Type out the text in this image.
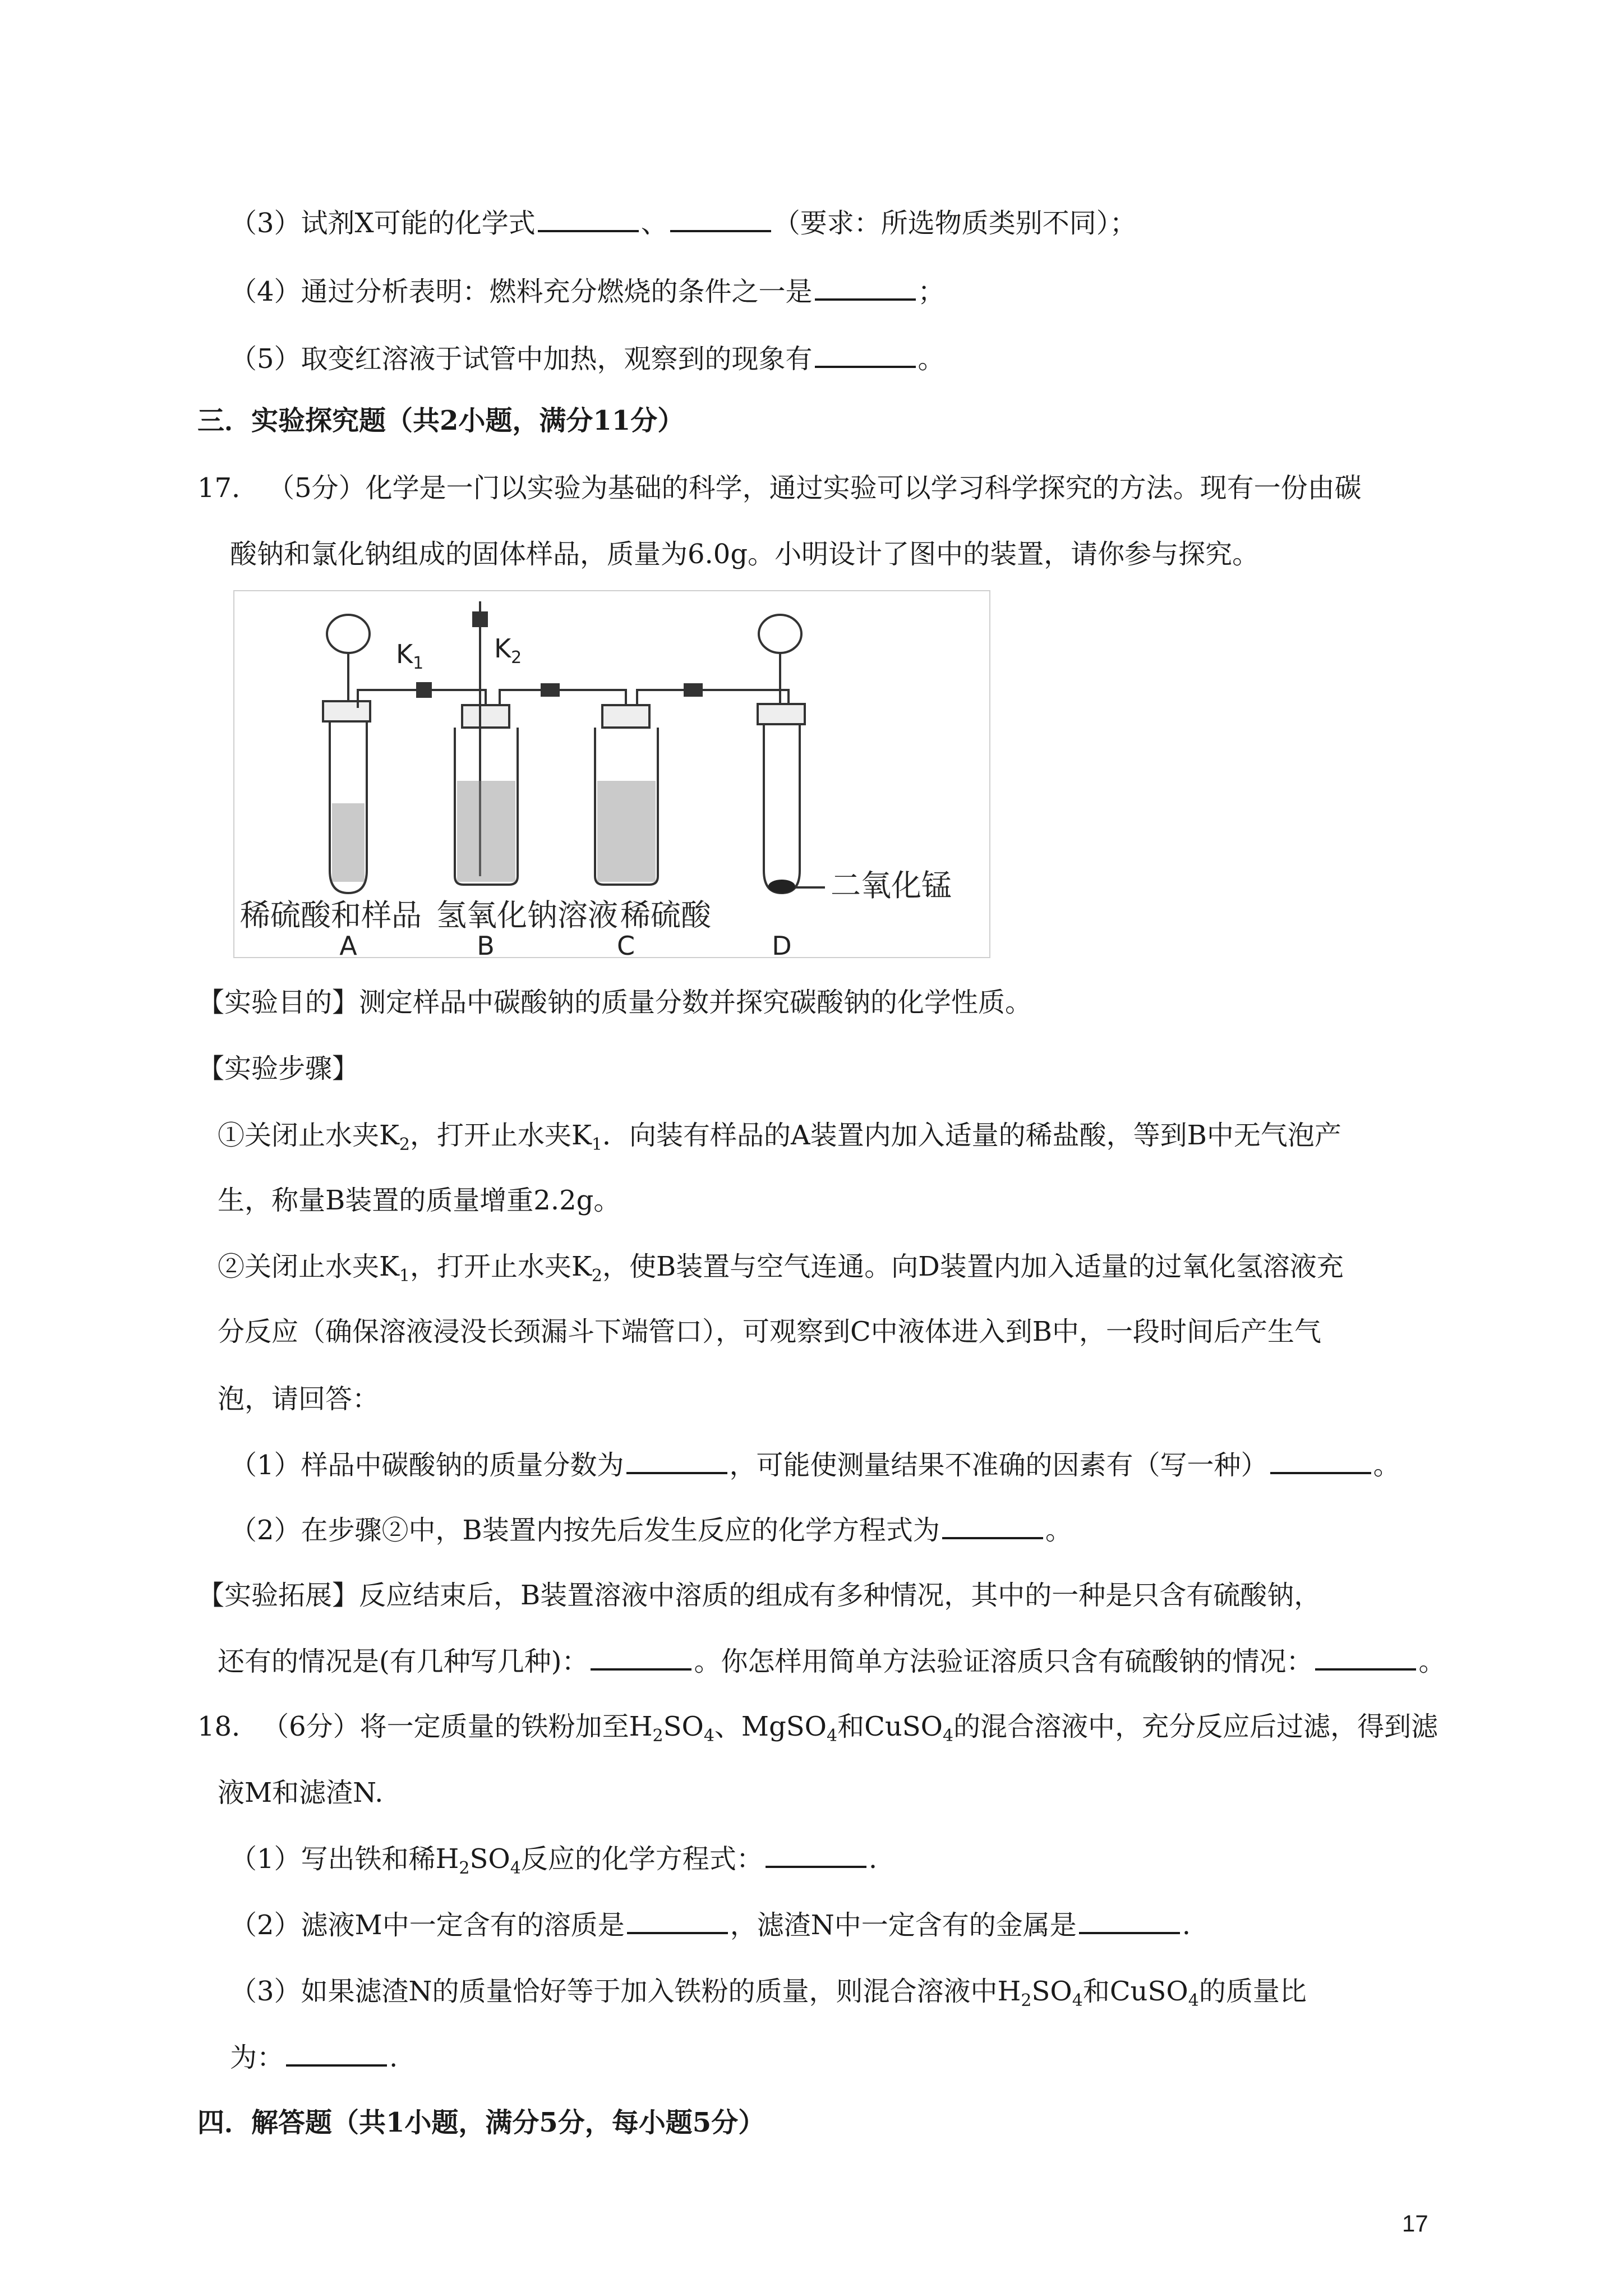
（3）试剂X可能的化学式	、	（要求：所选物质类别不同）；
（4）通过分析表明：燃料充分燃烧的条件之一是	；
（5）取变红溶液于试管中加热，观察到的现象有	。
三．实验探究题（共2小题，满分11分）
17． （5分）化学是一门以实验为基础的科学，通过实验可以学习科学探究的方法。现有一份由碳
酸钠和氯化钠组成的固体样品，质量为6.0g。小明设计了图中的装置，请你参与探究。
$K_1$	$K_2$
二氧化锰
稀硫酸和样品 氢氧化钠溶液 稀硫酸
A	B	C	D
【实验目的】测定样品中碳酸钠的质量分数并探究碳酸钠的化学性质。
【实验步骤】
①关闭止水夹$K_2$，打开止水夹$K_1$．向装有样品的A装置内加入适量的稀盐酸，等到B中无气泡产
生，称量B装置的质量增重2.2g。
②关闭止水夹$K_1$，打开止水夹$K_2$，使B装置与空气连通。向D装置内加入适量的过氧化氢溶液充
分反应（确保溶液浸没长颈漏斗下端管口），可观察到C中液体进入到B中，一段时间后产生气
泡，请回答：
（1）样品中碳酸钠的质量分数为	，可能使测量结果不准确的因素有（写一种）	。
（2）在步骤②中，B装置内按先后发生反应的化学方程式为	。
【实验拓展】反应结束后，B装置溶液中溶质的组成有多种情况，其中的一种是只含有硫酸钠，
还有的情况是(有几种写几种)：	。你怎样用简单方法验证溶质只含有硫酸钠的情况：	。
18． （6分）将一定质量的铁粉加至$H_2SO_4$、MgSO$_4$和CuSO$_4$的混合溶液中，充分反应后过滤，得到滤
液M和滤渣N.
（1）写出铁和稀$H_2SO_4$反应的化学方程式：	.
（2）滤液M中一定含有的溶质是	，滤渣N中一定含有的金属是	.
（3）如果滤渣N的质量恰好等于加入铁粉的质量，则混合溶液中$H_2SO_4$和CuSO$_4$的质量比
为：	.
四．解答题（共1小题，满分5分，每小题5分）
17
